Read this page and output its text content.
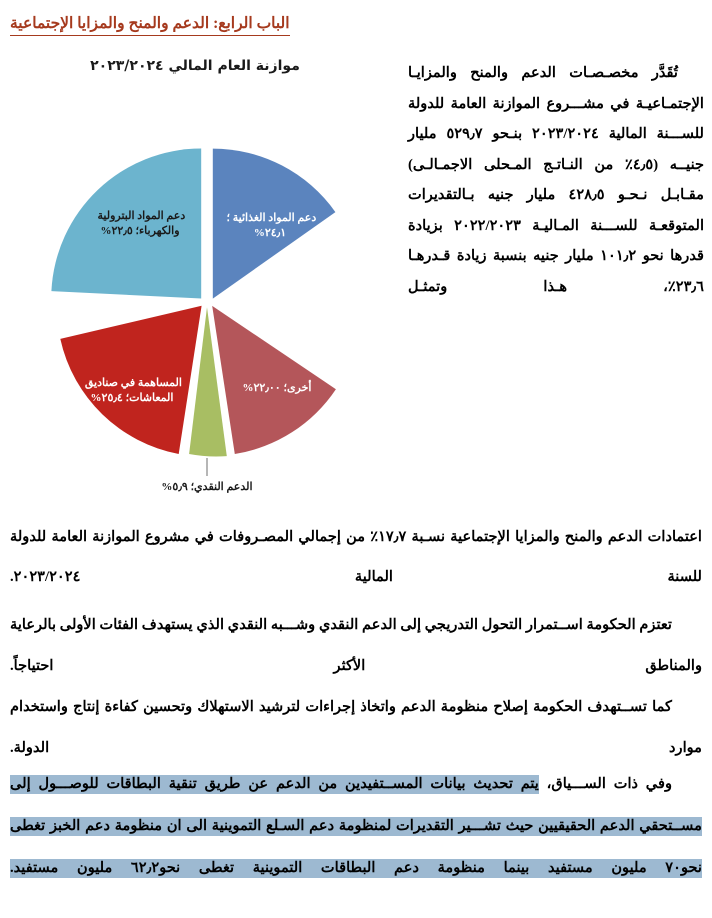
الباب الرابع: الدعم والمنح والمزايا الإجتماعية
موازنة العام المالي ٢٠٢٣/٢٠٢٤
دعم المواد الغذائية ؛ ٢٤٫١%
أخرى؛ ٢٢٫٠٠%
الدعم النقدي؛ ٥٫٩%
المساهمة في صناديق المعاشات؛ ٢٥٫٤%
دعم المواد البترولية والكهرباء؛ ٢٢٫٥%

تُقَدَّر مخصـصـات الدعم والمنح والمزايـا الإجتمـاعيـة في مشـــروع الموازنة العامة للدولة للســـنة المالية ٢٠٢٣/٢٠٢٤ بنـحو ٥٢٩٫٧ مليار جنيــه (٤٫٥٪ من النـاتـج المـحلى الاجمـالـى) مقـابـل نـحـو ٤٢٨٫٥ مليار جنيه بـالتقديرات المتوقعـة للســـنة المـاليـة ٢٠٢٢/٢٠٢٣ بزيادة قدرها نحو ١٠١٫٢ مليار جنيه بنسبة زيادة قـدرهـا ٢٣٫٦٪، هـذا وتمثـل

اعتمادات الدعم والمنح والمزايا الإجتماعية نسـبة ١٧٫٧٪ من إجمالي المصـروفات في مشروع الموازنة العامة للدولة للسنة المالية ٢٠٢٣/٢٠٢٤.

تعتزم الحكومة اســتمرار التحول التدريجي إلى الدعم النقدي وشـــبه النقدي الذي يستهدف الفئات الأولى بالرعاية والمناطق الأكثر احتياجاً.

كما تســتهدف الحكومة إصلاح منظومة الدعم واتخاذ إجراءات لترشيد الاستهلاك وتحسين كفاءة إنتاج واستخدام موارد الدولة.

وفي ذات الســـياق، يتم تحديث بيانات المســتفيدين من الدعم عن طريق تنقية البطاقات للوصـــول إلى مســتحقي الدعم الحقيقيين حيث تشـــير التقديرات لمنظومة دعم السـلع التموينية الى ان منظومة دعم الخبز تغطى نحو٧٠ مليون مستفيد بينما منظومة دعم البطاقات التموينية تغطى نحو٦٢٫٢ مليون مستفيد.
